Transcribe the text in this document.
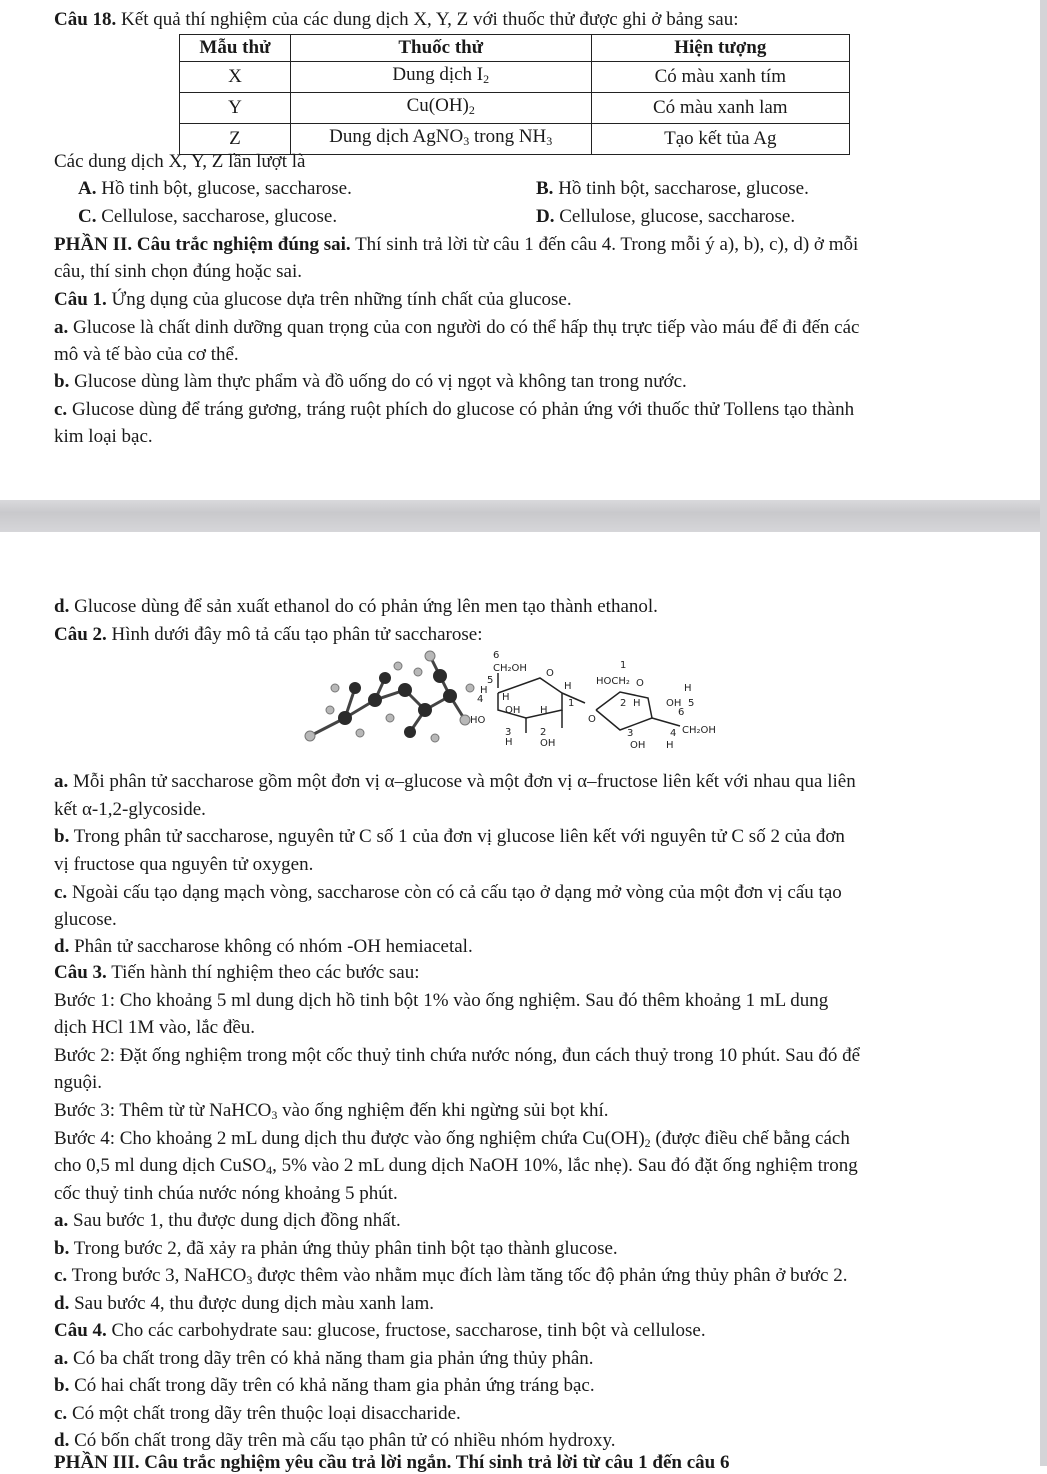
Câu 18. Kết quả thí nghiệm của các dung dịch X, Y, Z với thuốc thử được ghi ở bảng sau:
Mẫu thử	Thuốc thử	Hiện tượng
X	Dung dịch $I_2$	Có màu xanh tím
Y	$Cu(OH)_2$	Có màu xanh lam
Z	Dung dịch AgNO$_3$ trong $NH_3$	Tạo kết tủa Ag
Các dung dịch X, Y, Z lần lượt là
A. Hồ tinh bột, glucose, saccharose.	B. Hồ tinh bột, saccharose, glucose.
C. Cellulose, saccharose, glucose.	D. Cellulose, glucose, saccharose.
PHẦN II. Câu trắc nghiệm đúng sai. Thí sinh trả lời từ câu 1 đến câu 4. Trong mỗi ý a), b), c), d) ở mỗi
câu, thí sinh chọn đúng hoặc sai.
Câu 1. Ứng dụng của glucose dựa trên những tính chất của glucose.
a. Glucose là chất dinh dưỡng quan trọng của con người do có thể hấp thụ trực tiếp vào máu để đi đến các
mô và tế bào của cơ thể.
b. Glucose dùng làm thực phẩm và đồ uống do có vị ngọt và không tan trong nước.
c. Glucose dùng để tráng gương, tráng ruột phích do glucose có phản ứng với thuốc thử Tollens tạo thành
kim loại bạc.
d. Glucose dùng để sản xuất ethanol do có phản ứng lên men tạo thành ethanol.
Câu 2. Hình dưới đây mô tả cấu tạo phân tử saccharose:
6
CH₂OH
5
O
H
H
4 H
HO
OH H
1
3
H
2
OH
O
1
HOCH₂ O	H
2 H	OH 5
6
CH₂OH
3	4
OH H
a. Mỗi phân tử saccharose gồm một đơn vị α–glucose và một đơn vị α–fructose liên kết với nhau qua liên
kết α-1,2-glycoside.
b. Trong phân tử saccharose, nguyên tử C số 1 của đơn vị glucose liên kết với nguyên tử C số 2 của đơn
vị fructose qua nguyên tử oxygen.
c. Ngoài cấu tạo dạng mạch vòng, saccharose còn có cả cấu tạo ở dạng mở vòng của một đơn vị cấu tạo
glucose.
d. Phân tử saccharose không có nhóm -OH hemiacetal.
Câu 3. Tiến hành thí nghiệm theo các bước sau:
Bước 1: Cho khoảng 5 ml dung dịch hồ tinh bột 1% vào ống nghiệm. Sau đó thêm khoảng 1 mL dung
dịch HCl 1M vào, lắc đều.
Bước 2: Đặt ống nghiệm trong một cốc thuỷ tinh chứa nước nóng, đun cách thuỷ trong 10 phút. Sau đó để
nguội.
Bước 3: Thêm từ từ NaHCO$_3$ vào ống nghiệm đến khi ngừng sủi bọt khí.
Bước 4: Cho khoảng 2 mL dung dịch thu được vào ống nghiệm chứa $Cu(OH)_2$ (được điều chế bằng cách
cho 0,5 ml dung dịch CuSO$_4$, 5% vào 2 mL dung dịch NaOH 10%, lắc nhẹ). Sau đó đặt ống nghiệm trong
cốc thuỷ tinh chúa nước nóng khoảng 5 phút.
a. Sau bước 1, thu được dung dịch đồng nhất.
b. Trong bước 2, đã xảy ra phản ứng thủy phân tinh bột tạo thành glucose.
c. Trong bước 3, NaHCO$_3$ được thêm vào nhằm mục đích làm tăng tốc độ phản ứng thủy phân ở bước 2.
d. Sau bước 4, thu được dung dịch màu xanh lam.
Câu 4. Cho các carbohydrate sau: glucose, fructose, saccharose, tinh bột và cellulose.
a. Có ba chất trong dãy trên có khả năng tham gia phản ứng thủy phân.
b. Có hai chất trong dãy trên có khả năng tham gia phản ứng tráng bạc.
c. Có một chất trong dãy trên thuộc loại disaccharide.
d. Có bốn chất trong dãy trên mà cấu tạo phân tử có nhiều nhóm hydroxy.
PHẦN III. Câu trắc nghiệm yêu cầu trả lời ngắn. Thí sinh trả lời từ câu 1 đến câu 6
